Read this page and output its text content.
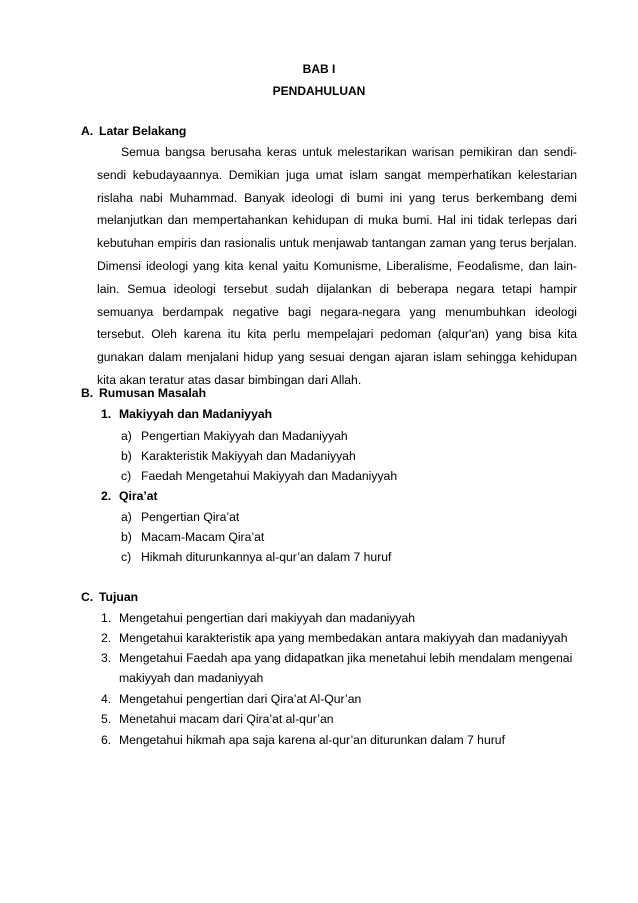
BAB I
PENDAHULUAN
A. Latar Belakang
Semua bangsa berusaha keras untuk melestarikan warisan pemikiran dan sendi-sendi kebudayaannya. Demikian juga umat islam sangat memperhatikan kelestarian rislaha nabi Muhammad. Banyak ideologi di bumi ini yang terus berkembang demi melanjutkan dan mempertahankan kehidupan di muka bumi. Hal ini tidak terlepas dari kebutuhan empiris dan rasionalis untuk menjawab tantangan zaman yang terus berjalan. Dimensi ideologi yang kita kenal yaitu Komunisme, Liberalisme, Feodalisme, dan lain-lain. Semua ideologi tersebut sudah dijalankan di beberapa negara tetapi hampir semuanya berdampak negative bagi negara-negara yang menumbuhkan ideologi tersebut. Oleh karena itu kita perlu mempelajari pedoman (alqur'an) yang bisa kita gunakan dalam menjalani hidup yang sesuai dengan ajaran islam sehingga kehidupan kita akan teratur atas dasar bimbingan dari Allah.
B. Rumusan Masalah
1. Makiyyah dan Madaniyyah
a) Pengertian Makiyyah dan Madaniyyah
b) Karakteristik Makiyyah dan Madaniyyah
c) Faedah Mengetahui Makiyyah dan Madaniyyah
2. Qira’at
a) Pengertian Qira’at
b) Macam-Macam Qira’at
c) Hikmah diturunkannya al-qur’an dalam 7 huruf
C. Tujuan
1. Mengetahui pengertian dari makiyyah dan madaniyyah
2. Mengetahui karakteristik apa yang membedakan antara makiyyah dan madaniyyah
3. Mengetahui Faedah apa yang didapatkan jika menetahui lebih mendalam mengenai
makiyyah dan madaniyyah
4. Mengetahui pengertian dari Qira’at Al-Qur’an
5. Menetahui macam dari Qira’at al-qur’an
6. Mengetahui hikmah apa saja karena al-qur’an diturunkan dalam 7 huruf
